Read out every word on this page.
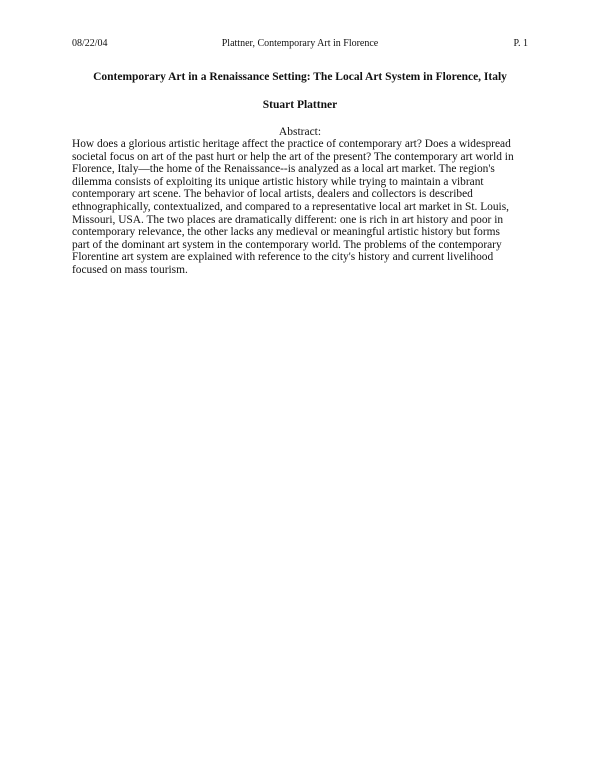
08/22/04	Plattner, Contemporary Art in Florence	P. 1
Contemporary Art in a Renaissance Setting: The Local Art System in Florence, Italy
Stuart Plattner
Abstract:

How does a glorious artistic heritage affect the practice of contemporary art? Does a widespread
societal focus on art of the past hurt or help the art of the present? The contemporary art world in
Florence, Italy—the home of the Renaissance--is analyzed as a local art market. The region's
dilemma consists of exploiting its unique artistic history while trying to maintain a vibrant
contemporary art scene. The behavior of local artists, dealers and collectors is described
ethnographically, contextualized, and compared to a representative local art market in St. Louis,
Missouri, USA. The two places are dramatically different: one is rich in art history and poor in
contemporary relevance, the other lacks any medieval or meaningful artistic history but forms
part of the dominant art system in the contemporary world. The problems of the contemporary
Florentine art system are explained with reference to the city's history and current livelihood
focused on mass tourism.
